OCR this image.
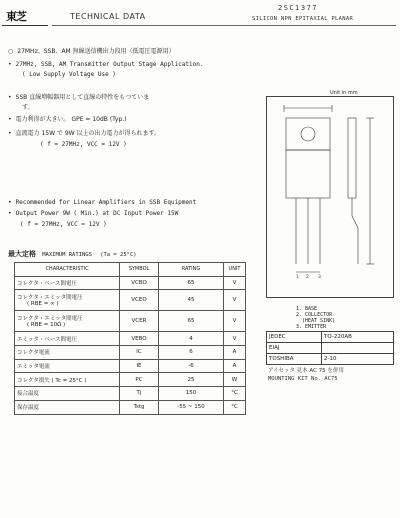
東芝	TECHNICAL DATA
2SC1377
SILICON NPN EPITAXIAL PLANAR
○ 27MHz、SSB、AM 無線送信機出力段用（低電圧電源用）
• 27MHz, SSB, AM Transmitter Output Stage Application.
( Low Supply Voltage Use )
• SSB 直線増幅器用として直線の特性をもつていま
す。
• 電力利得が大きい。 GPE = 10dB (Typ.)
• 直流電力 15W で 9W 以上の出力電力が得られます。
( f = 27MHz, VCC = 12V )
• Recommended for Linear Amplifiers in SSB Equipment
• Output Power 9W ( Min.) at DC Input Power 15W
( f = 27MHz, VCC = 12V )
最大定格 MAXIMUM RATINGS (Ta = 25°C)
CHARACTERISTIC	SYMBOL	RATING	UNIT
コレクタ・ベース間電圧	VCBO	65	V

コレクタ・エミッタ間電圧
( RBE = ∞ )	VCEO	45	V

コレクタ・エミッタ間電圧
( RBE = 10Ω )	VCER	65	V
エミッタ・ベース間電圧	VEBO	4	V
コレクタ電流	IC	6	A
エミッタ電流	IE	-6	A
コレクタ損失 ( Tc = 25°C )	PC	25	W
接合温度	Tj	150	°C
保存温度	Tstg	-55 ~ 150	°C
Unit in mm
1 2 3
1. BASE
2. COLLECTOR
(HEAT SINK)
3. EMITTER
JEDEC	TO-220AB
EIAJ	
TOSHIBA	2-10
アイセッタ 見本 AC 75 を併用
MOUNTING KIT No. AC75
